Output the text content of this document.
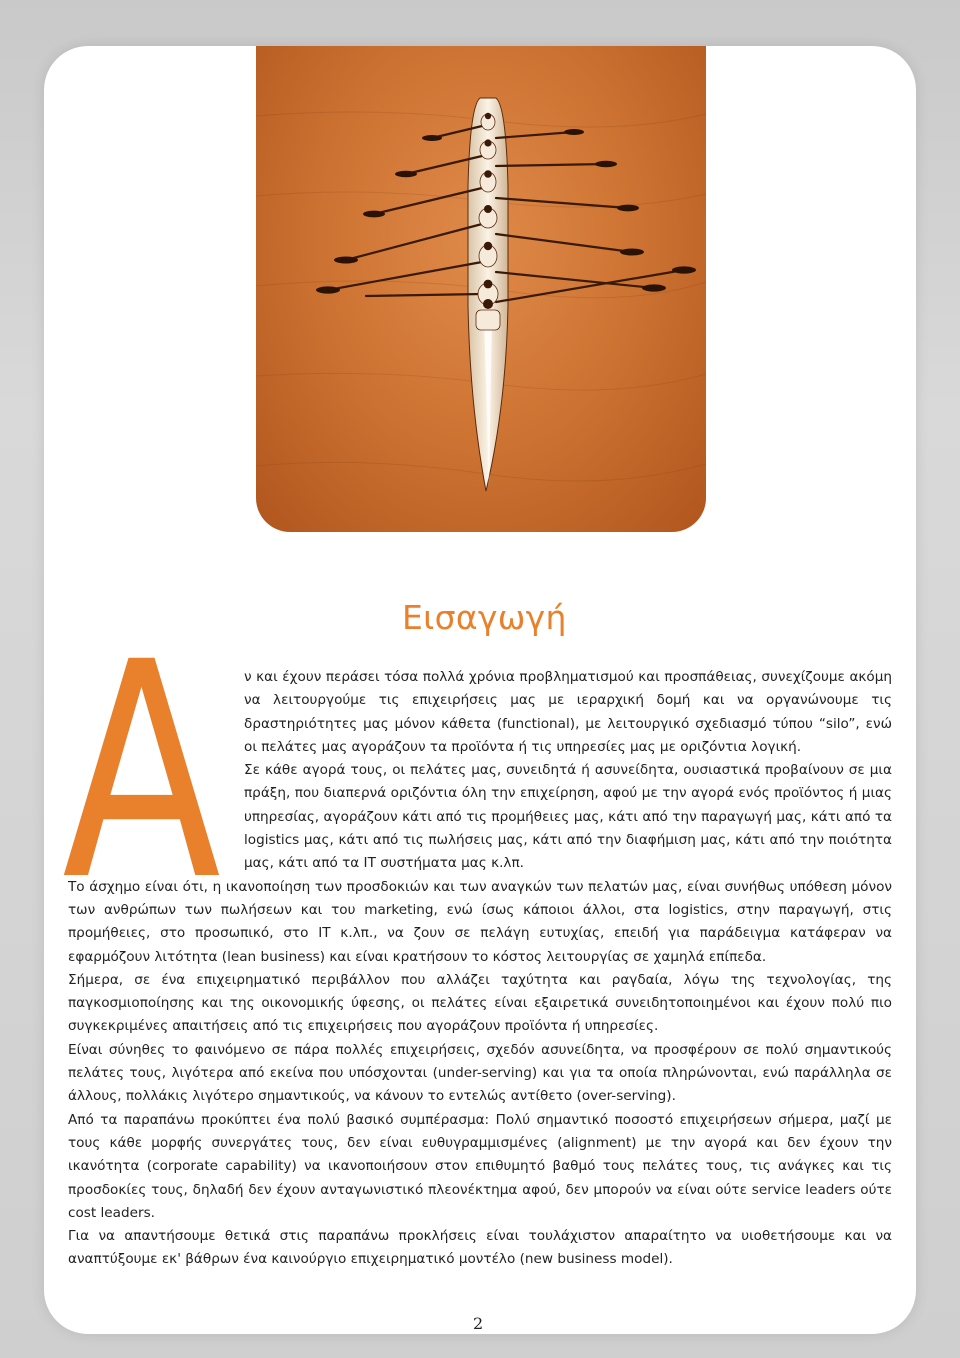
Εισαγωγή
Α	ν και έχουν περάσει τόσα πολλά χρόνια προβληματισμού και προσπάθειας, συνεχίζουμε ακόμη να λειτουργούμε τις επιχειρήσεις μας με ιεραρχική δομή και να οργανώνουμε τις δραστηριότητες μας μόνον κάθετα (functional), με λειτουργικό σχεδιασμό τύπου “silo”, ενώ οι πελάτες μας αγοράζουν τα προϊόντα ή τις υπηρεσίες μας με οριζόντια λογική.

Σε κάθε αγορά τους, οι πελάτες μας, συνειδητά ή ασυνείδητα, ουσιαστικά προβαίνουν σε μια πράξη, που διαπερνά οριζόντια όλη την επιχείρηση, αφού με την αγορά ενός προϊόντος ή μιας υπηρεσίας, αγοράζουν κάτι από τις προμήθειες μας, κάτι από την παραγωγή μας, κάτι από τα logistics μας, κάτι από τις πωλήσεις μας, κάτι από την διαφήμιση μας, κάτι από την ποιότητα μας, κάτι από τα IT συστήματα μας κ.λπ.

Το άσχημο είναι ότι, η ικανοποίηση των προσδοκιών και των αναγκών των πελατών μας, είναι συνήθως υπόθεση μόνον των ανθρώπων των πωλήσεων και του marketing, ενώ ίσως κάποιοι άλλοι, στα logistics, στην παραγωγή, στις προμήθειες, στο προσωπικό, στο IT κ.λπ., να ζουν σε πελάγη ευτυχίας, επειδή για παράδειγμα κατάφεραν να εφαρμόζουν λιτότητα (lean business) και είναι κρατήσουν το κόστος λειτουργίας σε χαμηλά επίπεδα.

Σήμερα, σε ένα επιχειρηματικό περιβάλλον που αλλάζει ταχύτητα και ραγδαία, λόγω της τεχνολογίας, της παγκοσμιοποίησης και της οικονομικής ύφεσης, οι πελάτες είναι εξαιρετικά συνειδητοποιημένοι και έχουν πολύ πιο συγκεκριμένες απαιτήσεις από τις επιχειρήσεις που αγοράζουν προϊόντα ή υπηρεσίες.

Είναι σύνηθες το φαινόμενο σε πάρα πολλές επιχειρήσεις, σχεδόν ασυνείδητα, να προσφέρουν σε πολύ σημαντικούς πελάτες τους, λιγότερα από εκείνα που υπόσχονται (under-serving) και για τα οποία πληρώνονται, ενώ παράλληλα σε άλλους, πολλάκις λιγότερο σημαντικούς, να κάνουν το εντελώς αντίθετο (over-serving).

Από τα παραπάνω προκύπτει ένα πολύ βασικό συμπέρασμα: Πολύ σημαντικό ποσοστό επιχειρήσεων σήμερα, μαζί με τους κάθε μορφής συνεργάτες τους, δεν είναι ευθυγραμμισμένες (alignment) με την αγορά και δεν έχουν την ικανότητα (corporate capability) να ικανοποιήσουν στον επιθυμητό βαθμό τους πελάτες τους, τις ανάγκες και τις προσδοκίες τους, δηλαδή δεν έχουν ανταγωνιστικό πλεονέκτημα αφού, δεν μπορούν να είναι ούτε service leaders ούτε cost leaders.

Για να απαντήσουμε θετικά στις παραπάνω προκλήσεις είναι τουλάχιστον απαραίτητο να υιοθετήσουμε και να αναπτύξουμε εκ' βάθρων ένα καινούργιο επιχειρηματικό μοντέλο (new business model).

2
